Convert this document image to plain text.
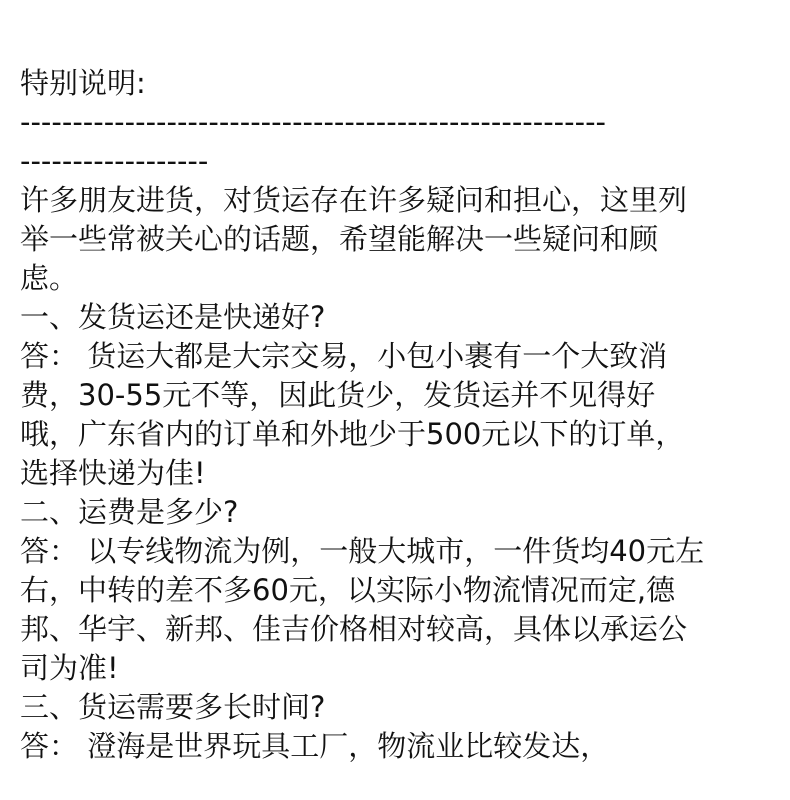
特别说明:
--------------------------------------------------------
------------------
许多朋友进货，对货运存在许多疑问和担心，这里列
举一些常被关心的话题，希望能解决一些疑问和顾
虑。
一、发货运还是快递好?
答： 货运大都是大宗交易，小包小裹有一个大致消
费，30-55元不等，因此货少，发货运并不见得好
哦，广东省内的订单和外地少于500元以下的订单，
选择快递为佳!
二、运费是多少?
答： 以专线物流为例，一般大城市，一件货均40元左
右，中转的差不多60元，以实际小物流情况而定,德
邦、华宇、新邦、佳吉价格相对较高，具体以承运公
司为准!
三、货运需要多长时间?
答： 澄海是世界玩具工厂，物流业比较发达，
